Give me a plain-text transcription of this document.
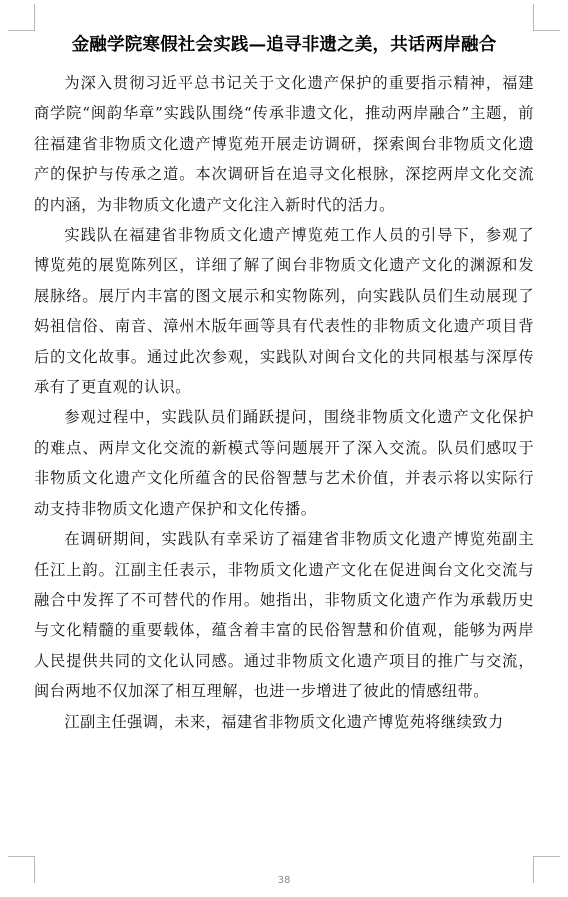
金融学院寒假社会实践—追寻非遗之美，共话两岸融合

为深入贯彻习近平总书记关于文化遗产保护的重要指示精神，福建商学院“闽韵华章”实践队围绕“传承非遗文化，推动两岸融合”主题，前往福建省非物质文化遗产博览苑开展走访调研，探索闽台非物质文化遗产的保护与传承之道。本次调研旨在追寻文化根脉，深挖两岸文化交流的内涵，为非物质文化遗产文化注入新时代的活力。

实践队在福建省非物质文化遗产博览苑工作人员的引导下，参观了博览苑的展览陈列区，详细了解了闽台非物质文化遗产文化的渊源和发展脉络。展厅内丰富的图文展示和实物陈列，向实践队员们生动展现了妈祖信俗、南音、漳州木版年画等具有代表性的非物质文化遗产项目背后的文化故事。通过此次参观，实践队对闽台文化的共同根基与深厚传承有了更直观的认识。

参观过程中，实践队员们踊跃提问，围绕非物质文化遗产文化保护的难点、两岸文化交流的新模式等问题展开了深入交流。队员们感叹于非物质文化遗产文化所蕴含的民俗智慧与艺术价值，并表示将以实际行动支持非物质文化遗产保护和文化传播。

在调研期间，实践队有幸采访了福建省非物质文化遗产博览苑副主任江上韵。江副主任表示，非物质文化遗产文化在促进闽台文化交流与融合中发挥了不可替代的作用。她指出，非物质文化遗产作为承载历史与文化精髓的重要载体，蕴含着丰富的民俗智慧和价值观，能够为两岸人民提供共同的文化认同感。通过非物质文化遗产项目的推广与交流，闽台两地不仅加深了相互理解，也进一步增进了彼此的情感纽带。

江副主任强调，未来，福建省非物质文化遗产博览苑将继续致力

38
